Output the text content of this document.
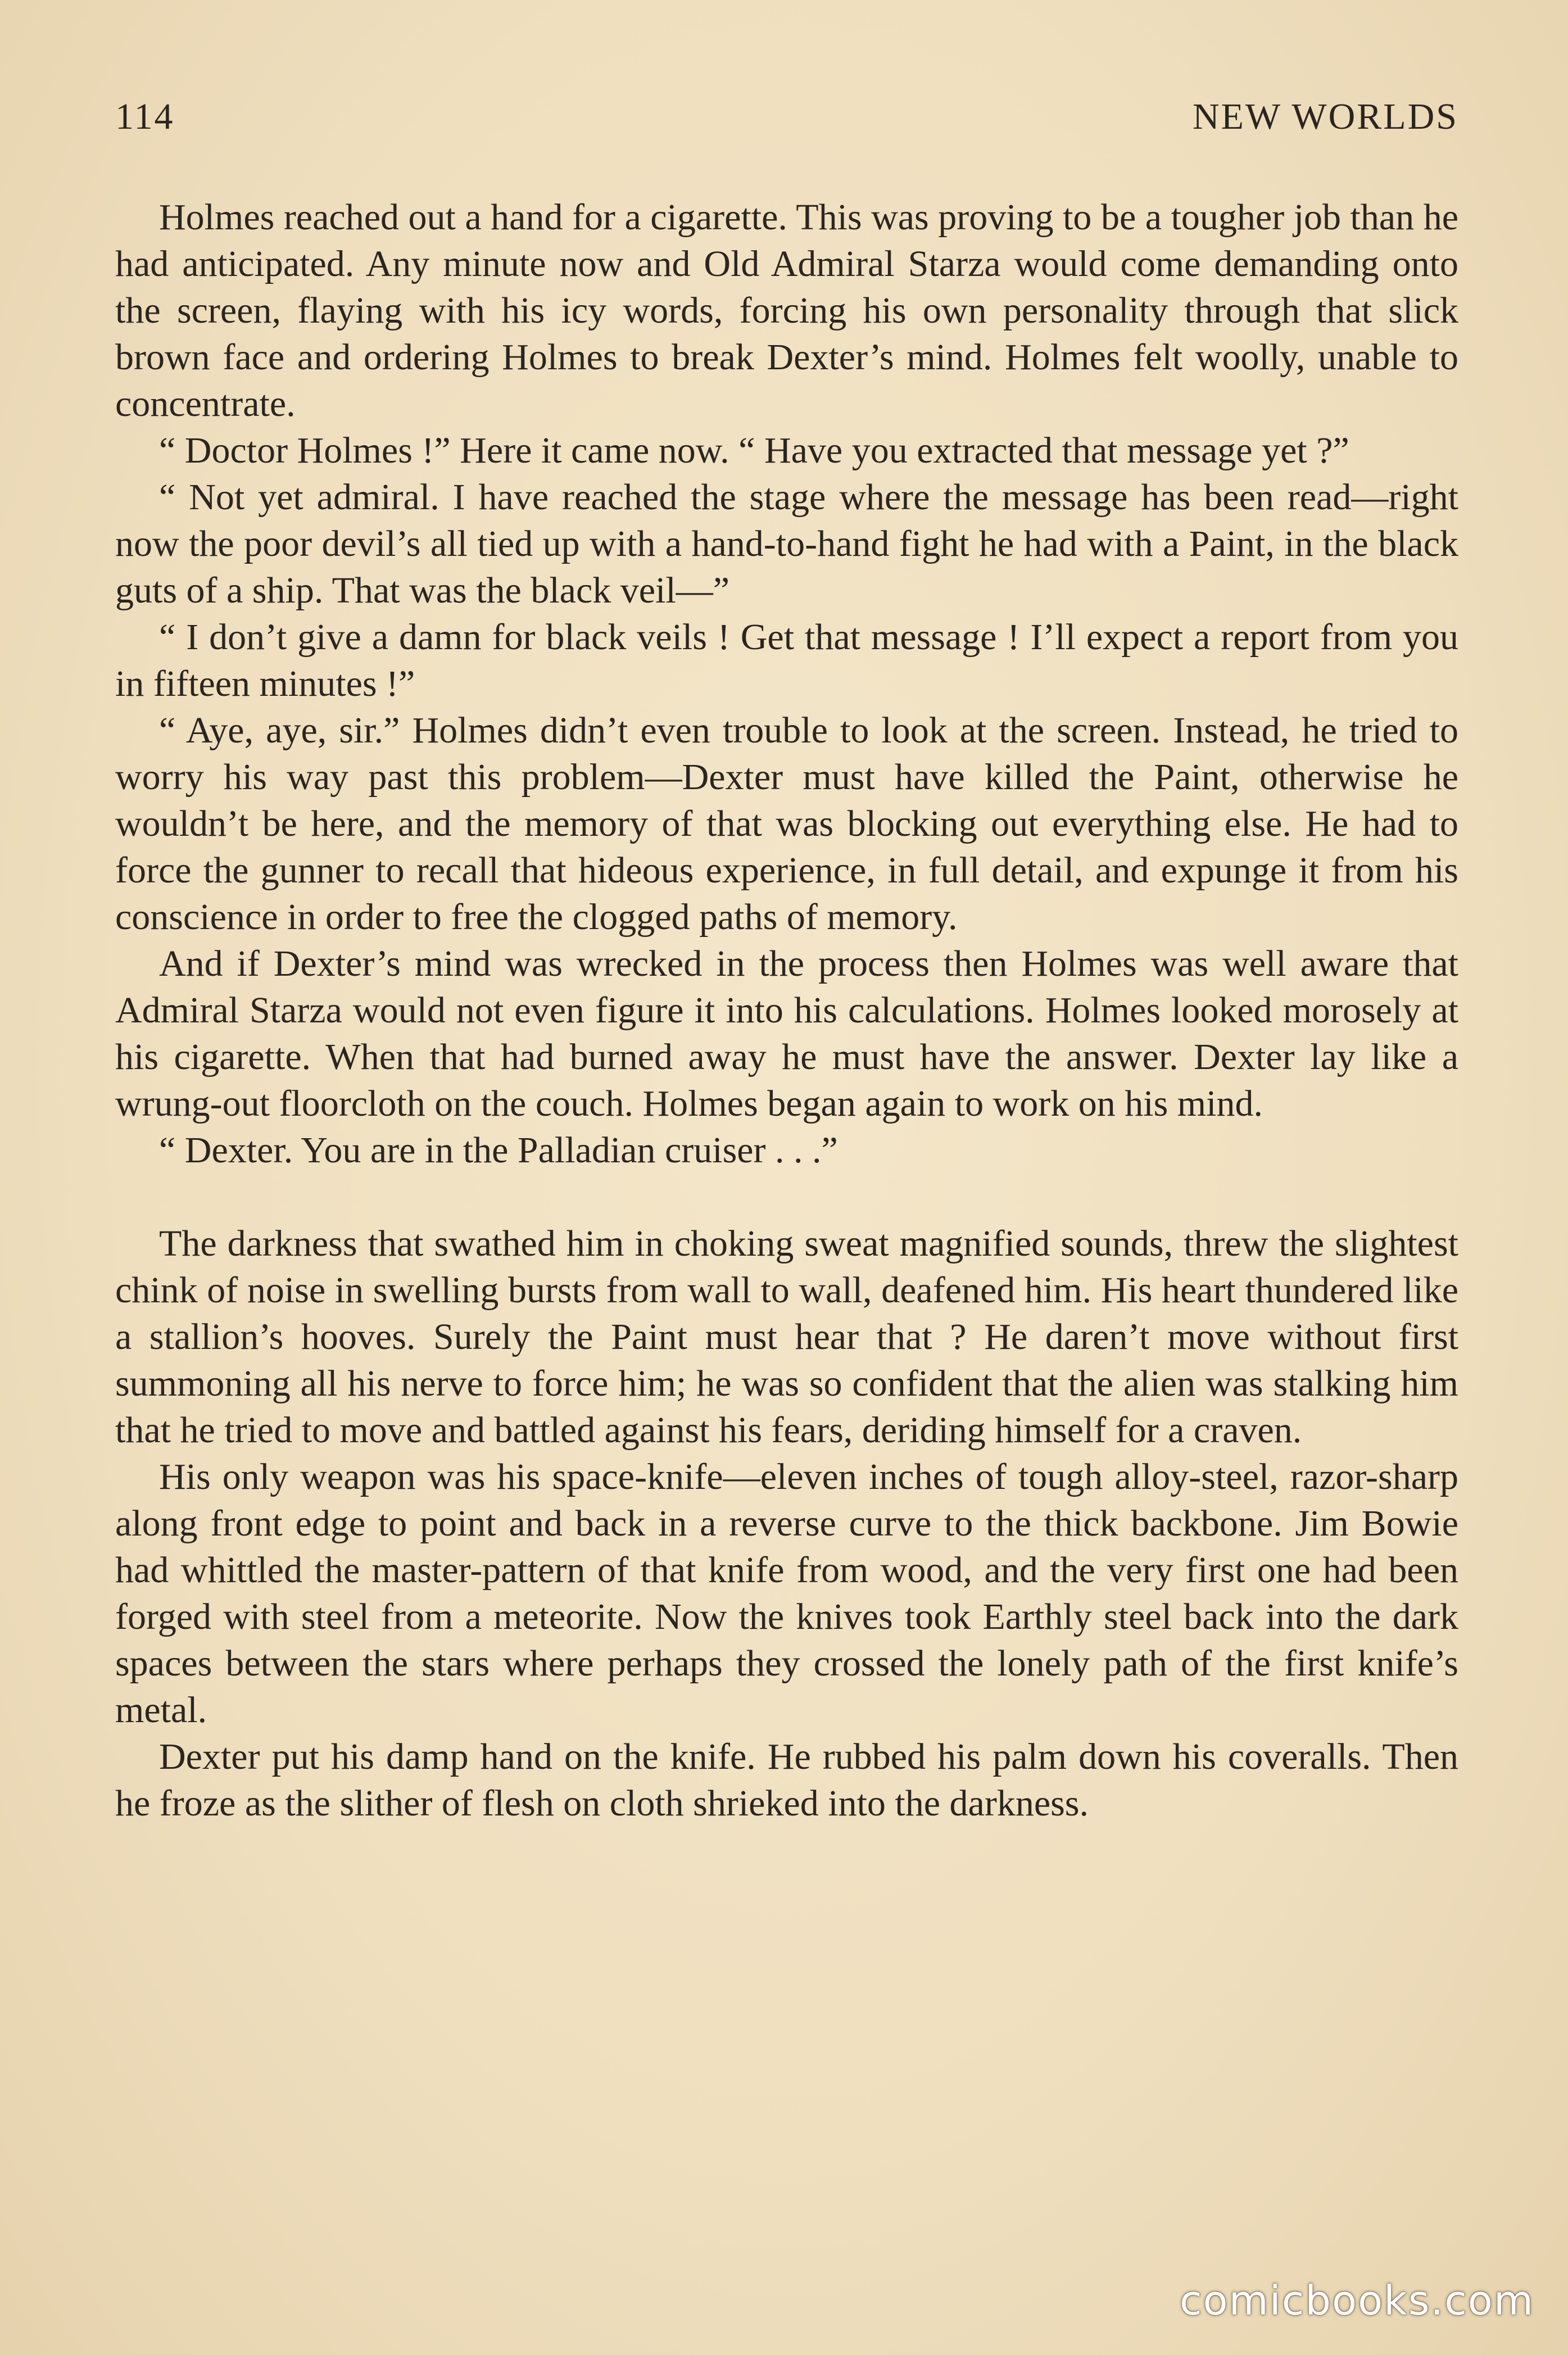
114	NEW WORLDS

Holmes reached out a hand for a cigarette. This was proving to be a tougher job than he had anticipated. Any minute now and Old Admiral Starza would come demanding onto the screen, flaying with his icy words, forcing his own personality through that slick brown face and ordering Holmes to break Dexter’s mind. Holmes felt woolly, unable to concentrate.

“ Doctor Holmes !” Here it came now. “ Have you extracted that message yet ?”

“ Not yet admiral. I have reached the stage where the message has been read—right now the poor devil’s all tied up with a hand-to-hand fight he had with a Paint, in the black guts of a ship. That was the black veil—”

“ I don’t give a damn for black veils ! Get that message ! I’ll expect a report from you in fifteen minutes !”

“ Aye, aye, sir.” Holmes didn’t even trouble to look at the screen. Instead, he tried to worry his way past this problem—Dexter must have killed the Paint, otherwise he wouldn’t be here, and the memory of that was blocking out everything else. He had to force the gunner to recall that hideous experience, in full detail, and expunge it from his conscience in order to free the clogged paths of memory.

And if Dexter’s mind was wrecked in the process then Holmes was well aware that Admiral Starza would not even figure it into his calculations. Holmes looked morosely at his cigarette. When that had burned away he must have the answer. Dexter lay like a wrung-out floorcloth on the couch. Holmes began again to work on his mind.

“ Dexter. You are in the Palladian cruiser . . .”

The darkness that swathed him in choking sweat magnified sounds, threw the slightest chink of noise in swelling bursts from wall to wall, deafened him. His heart thundered like a stallion’s hooves. Surely the Paint must hear that ? He daren’t move without first summoning all his nerve to force him; he was so confident that the alien was stalking him that he tried to move and battled against his fears, deriding himself for a craven.

His only weapon was his space-knife—eleven inches of tough alloy-steel, razor-sharp along front edge to point and back in a reverse curve to the thick backbone. Jim Bowie had whittled the master-pattern of that knife from wood, and the very first one had been forged with steel from a meteorite. Now the knives took Earthly steel back into the dark spaces between the stars where perhaps they crossed the lonely path of the first knife’s metal.

Dexter put his damp hand on the knife. He rubbed his palm down his coveralls. Then he froze as the slither of flesh on cloth shrieked into the darkness.

comicbooks.com
